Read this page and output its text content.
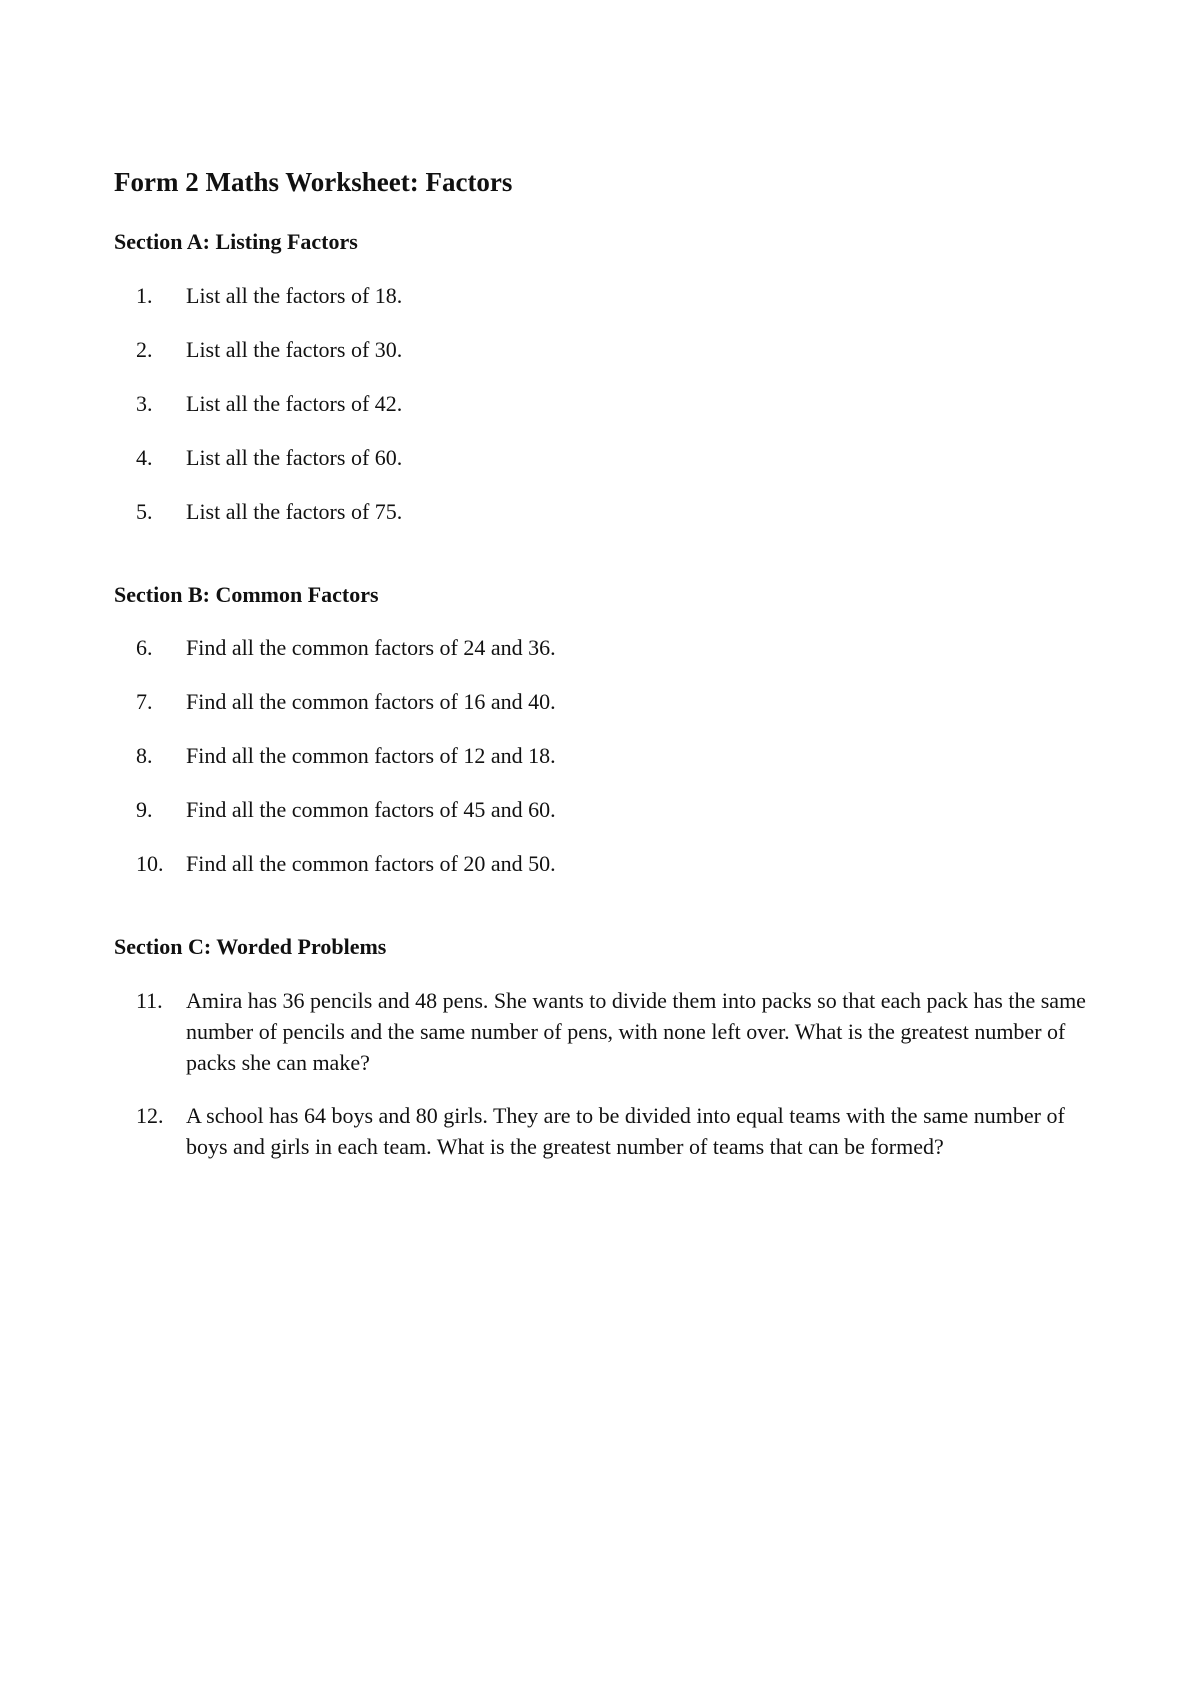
Form 2 Maths Worksheet: Factors
Section A: Listing Factors
1.	List all the factors of 18.
2.	List all the factors of 30.
3.	List all the factors of 42.
4.	List all the factors of 60.
5.	List all the factors of 75.
Section B: Common Factors
6.	Find all the common factors of 24 and 36.
7.	Find all the common factors of 16 and 40.
8.	Find all the common factors of 12 and 18.
9.	Find all the common factors of 45 and 60.
10.	Find all the common factors of 20 and 50.
Section C: Worded Problems
11.	Amira has 36 pencils and 48 pens. She wants to divide them into packs so that each pack has the same number of pencils and the same number of pens, with none left over. What is the greatest number of packs she can make?
12.	A school has 64 boys and 80 girls. They are to be divided into equal teams with the same number of boys and girls in each team. What is the greatest number of teams that can be formed?
